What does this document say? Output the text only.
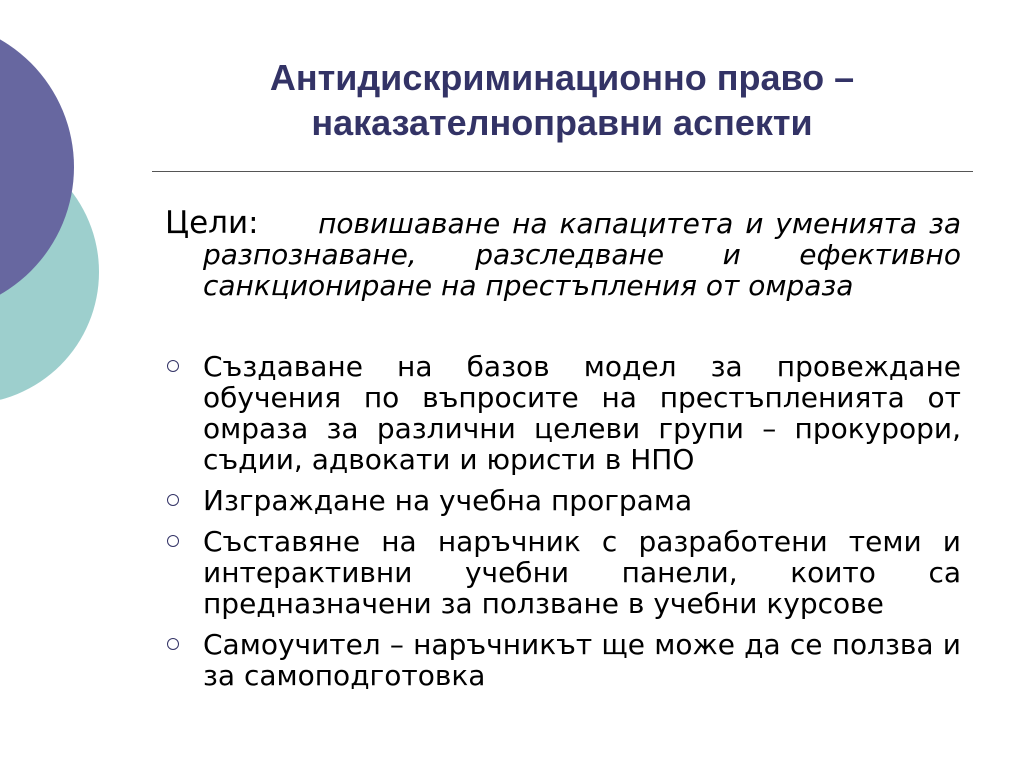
Антидискриминационно право –
наказателноправни аспекти
Цели: повишаване на капацитета и уменията за разпознаване, разследване и ефективно санкциониране на престъпления от омраза
Създаване на базов модел за провеждане обучения по въпросите на престъпленията от омраза за различни целеви групи – прокурори, съдии, адвокати и юристи в НПО
Изграждане на учебна програма
Съставяне на наръчник с разработени теми и интерактивни учебни панели, които са предназначени за ползване в учебни курсове
Самоучител – наръчникът ще може да се ползва и за самоподготовка
